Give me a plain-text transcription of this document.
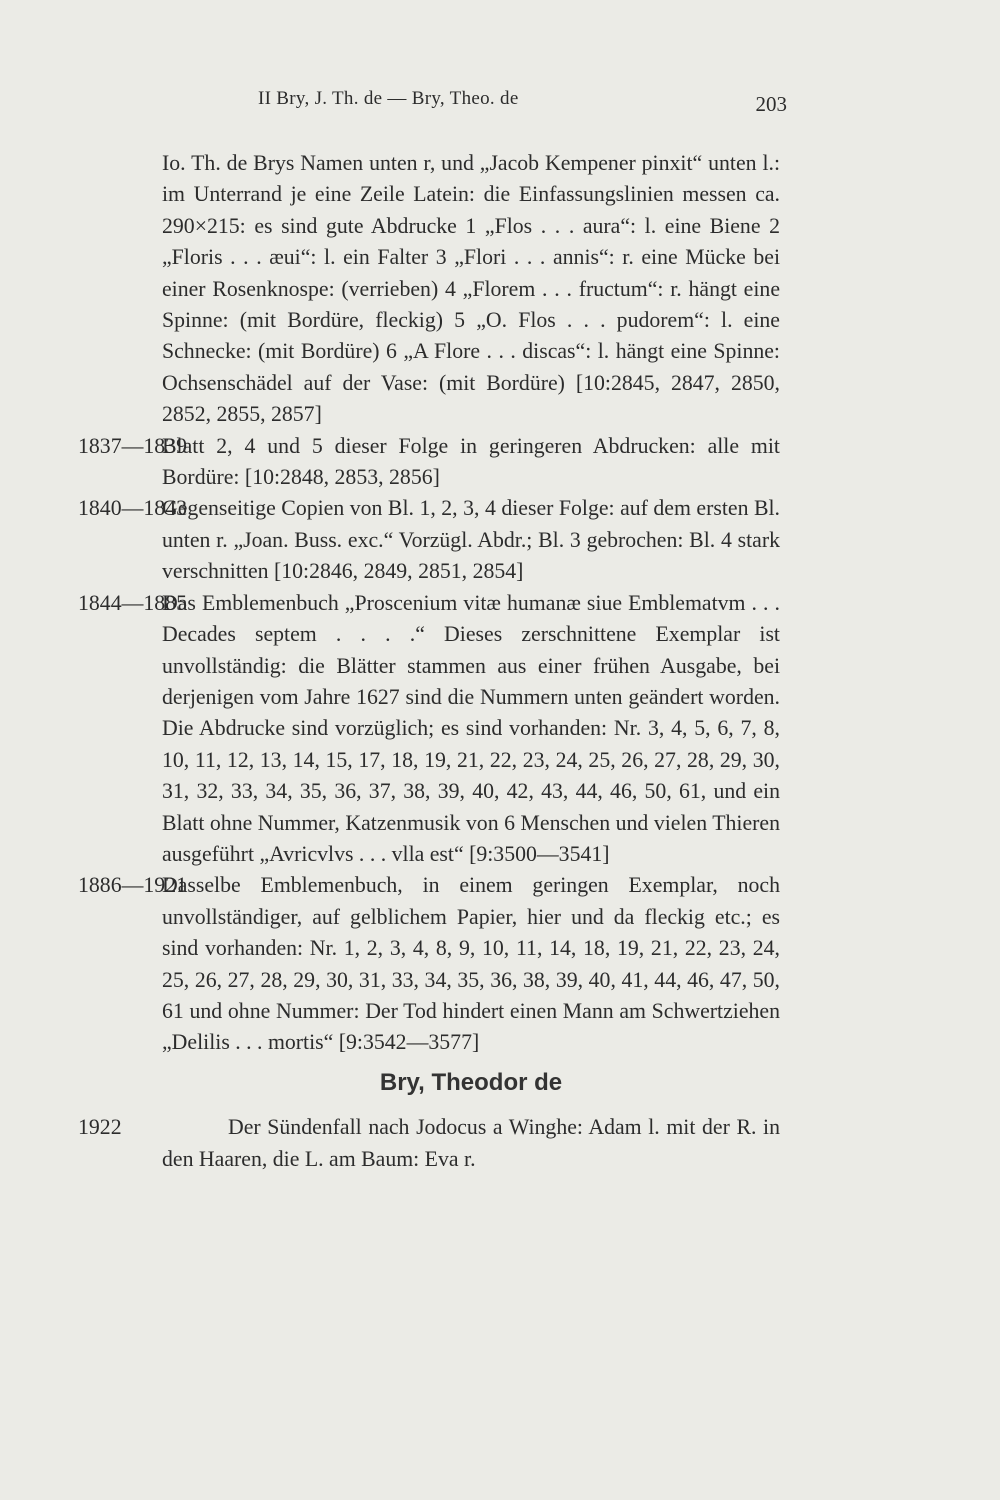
II Bry, J. Th. de — Bry, Theo. de	203
Io. Th. de Brys Namen unten r, und „Jacob Kempener pinxit“ unten l.: im Unterrand je eine Zeile Latein: die Einfassungslinien messen ca. 290×215: es sind gute Abdrucke 1 „Flos . . . aura“: l. eine Biene 2 „Floris . . . æui“: l. ein Falter 3 „Flori . . . annis“: r. eine Mücke bei einer Rosenknospe: (verrieben) 4 „Florem . . . fructum“: r. hängt eine Spinne: (mit Bordüre, fleckig) 5 „O. Flos . . . pudorem“: l. eine Schnecke: (mit Bordüre) 6 „A Flore . . . discas“: l. hängt eine Spinne: Ochsenschädel auf der Vase: (mit Bordüre) [10:2845, 2847, 2850, 2852, 2855, 2857]
1837—1839
Blatt 2, 4 und 5 dieser Folge in geringeren Abdrucken: alle mit Bordüre: [10:2848, 2853, 2856]
1840—1843
Gegenseitige Copien von Bl. 1, 2, 3, 4 dieser Folge: auf dem ersten Bl. unten r. „Joan. Buss. exc.“ Vorzügl. Abdr.; Bl. 3 gebrochen: Bl. 4 stark verschnitten [10:2846, 2849, 2851, 2854]
1844—1885
Das Emblemenbuch „Proscenium vitæ humanæ siue Emblematvm . . . Decades septem . . . .“ Dieses zerschnittene Exemplar ist unvollständig: die Blätter stammen aus einer frühen Ausgabe, bei derjenigen vom Jahre 1627 sind die Nummern unten geändert worden. Die Abdrucke sind vorzüglich; es sind vorhanden: Nr. 3, 4, 5, 6, 7, 8, 10, 11, 12, 13, 14, 15, 17, 18, 19, 21, 22, 23, 24, 25, 26, 27, 28, 29, 30, 31, 32, 33, 34, 35, 36, 37, 38, 39, 40, 42, 43, 44, 46, 50, 61, und ein Blatt ohne Nummer, Katzenmusik von 6 Menschen und vielen Thieren ausgeführt „Avricvlvs . . . vlla est“ [9:3500—3541]
1886—1921
Dasselbe Emblemenbuch, in einem geringen Exemplar, noch unvollständiger, auf gelblichem Papier, hier und da fleckig etc.; es sind vorhanden: Nr. 1, 2, 3, 4, 8, 9, 10, 11, 14, 18, 19, 21, 22, 23, 24, 25, 26, 27, 28, 29, 30, 31, 33, 34, 35, 36, 38, 39, 40, 41, 44, 46, 47, 50, 61 und ohne Nummer: Der Tod hindert einen Mann am Schwertziehen „Delilis . . . mortis“ [9:3542—3577]
Bry, Theodor de
1922	Der Sündenfall nach Jodocus a Winghe: Adam l. mit der R. in den Haaren, die L. am Baum: Eva r.
